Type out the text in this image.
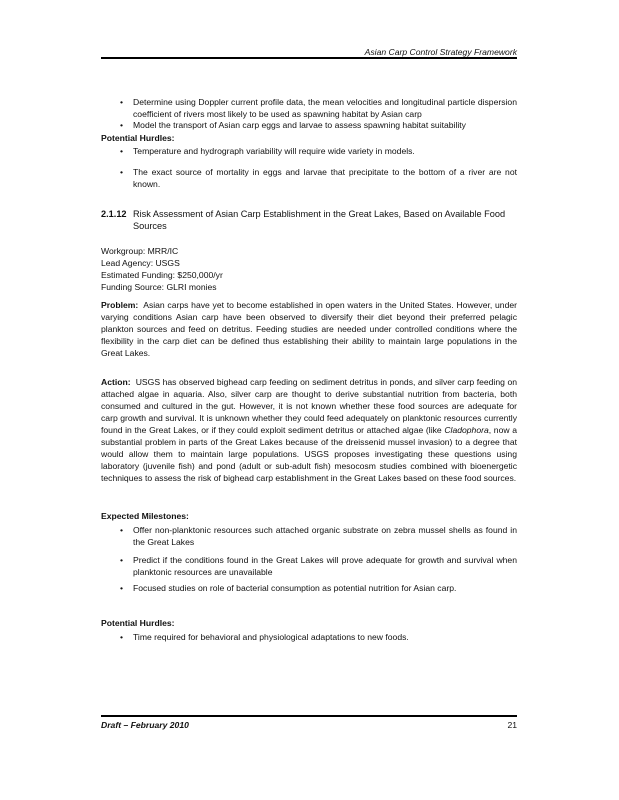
Asian Carp Control Strategy Framework
• Determine using Doppler current profile data, the mean velocities and longitudinal particle dispersion coefficient of rivers most likely to be used as spawning habitat by Asian carp
• Model the transport of Asian carp eggs and larvae to assess spawning habitat suitability
Potential Hurdles:
• Temperature and hydrograph variability will require wide variety in models.
• The exact source of mortality in eggs and larvae that precipitate to the bottom of a river are not known.
2.1.12 Risk Assessment of Asian Carp Establishment in the Great Lakes, Based on Available Food Sources
Workgroup: MRR/IC
Lead Agency: USGS
Estimated Funding: $250,000/yr
Funding Source: GLRI monies

Problem: Asian carps have yet to become established in open waters in the United States. However, under varying conditions Asian carp have been observed to diversify their diet beyond their preferred pelagic plankton sources and feed on detritus. Feeding studies are needed under controlled conditions where the flexibility in the carp diet can be defined thus establishing their ability to maintain large populations in the Great Lakes.

Action: USGS has observed bighead carp feeding on sediment detritus in ponds, and silver carp feeding on attached algae in aquaria. Also, silver carp are thought to derive substantial nutrition from bacteria, both consumed and cultured in the gut. However, it is not known whether these food sources are adequate for carp growth and survival. It is unknown whether they could feed adequately on planktonic resources currently found in the Great Lakes, or if they could exploit sediment detritus or attached algae (like Cladophora, now a substantial problem in parts of the Great Lakes because of the dreissenid mussel invasion) to a degree that would allow them to maintain large populations. USGS proposes investigating these questions using laboratory (juvenile fish) and pond (adult or sub-adult fish) mesocosm studies combined with bioenergetic techniques to assess the risk of bighead carp establishment in the Great Lakes based on these food sources.

Expected Milestones:
• Offer non-planktonic resources such attached organic substrate on zebra mussel shells as found in the Great Lakes
• Predict if the conditions found in the Great Lakes will prove adequate for growth and survival when planktonic resources are unavailable
• Focused studies on role of bacterial consumption as potential nutrition for Asian carp.
Potential Hurdles:
• Time required for behavioral and physiological adaptations to new foods.
Draft – February 2010	21
